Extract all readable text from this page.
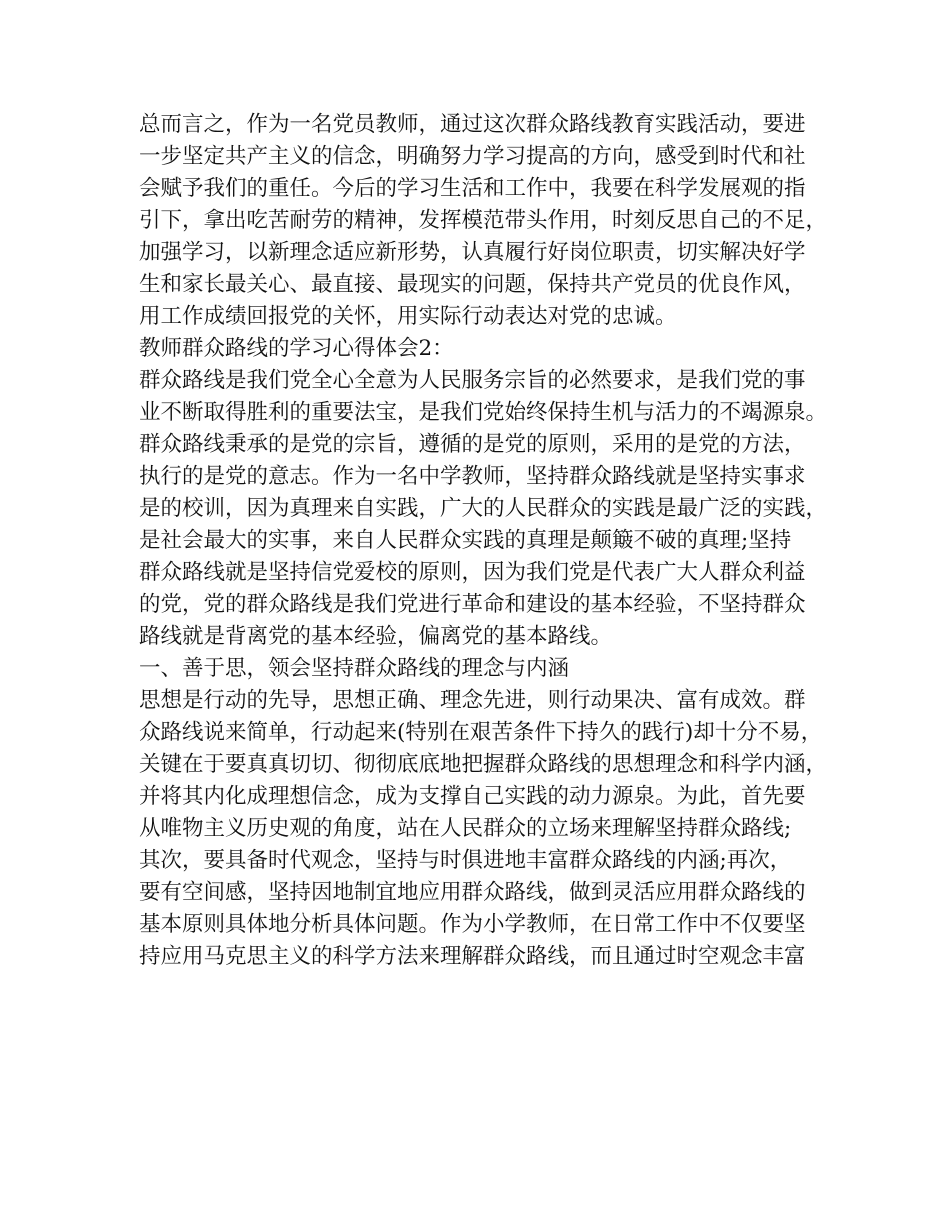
总而言之，作为一名党员教师，通过这次群众路线教育实践活动，要进
一步坚定共产主义的信念，明确努力学习提高的方向，感受到时代和社
会赋予我们的重任。今后的学习生活和工作中，我要在科学发展观的指
引下，拿出吃苦耐劳的精神，发挥模范带头作用，时刻反思自己的不足，
加强学习，以新理念适应新形势，认真履行好岗位职责，切实解决好学
生和家长最关心、最直接、最现实的问题，保持共产党员的优良作风，
用工作成绩回报党的关怀，用实际行动表达对党的忠诚。
教师群众路线的学习心得体会2：
群众路线是我们党全心全意为人民服务宗旨的必然要求，是我们党的事
业不断取得胜利的重要法宝，是我们党始终保持生机与活力的不竭源泉。
群众路线秉承的是党的宗旨，遵循的是党的原则，采用的是党的方法，
执行的是党的意志。作为一名中学教师，坚持群众路线就是坚持实事求
是的校训，因为真理来自实践，广大的人民群众的实践是最广泛的实践，
是社会最大的实事，来自人民群众实践的真理是颠簸不破的真理;坚持
群众路线就是坚持信党爱校的原则，因为我们党是代表广大人群众利益
的党，党的群众路线是我们党进行革命和建设的基本经验，不坚持群众
路线就是背离党的基本经验，偏离党的基本路线。
一、善于思，领会坚持群众路线的理念与内涵
思想是行动的先导，思想正确、理念先进，则行动果决、富有成效。群
众路线说来简单，行动起来(特别在艰苦条件下持久的践行)却十分不易，
关键在于要真真切切、彻彻底底地把握群众路线的思想理念和科学内涵，
并将其内化成理想信念，成为支撑自己实践的动力源泉。为此，首先要
从唯物主义历史观的角度，站在人民群众的立场来理解坚持群众路线;
其次，要具备时代观念，坚持与时俱进地丰富群众路线的内涵;再次，
要有空间感，坚持因地制宜地应用群众路线，做到灵活应用群众路线的
基本原则具体地分析具体问题。作为小学教师，在日常工作中不仅要坚
持应用马克思主义的科学方法来理解群众路线，而且通过时空观念丰富
